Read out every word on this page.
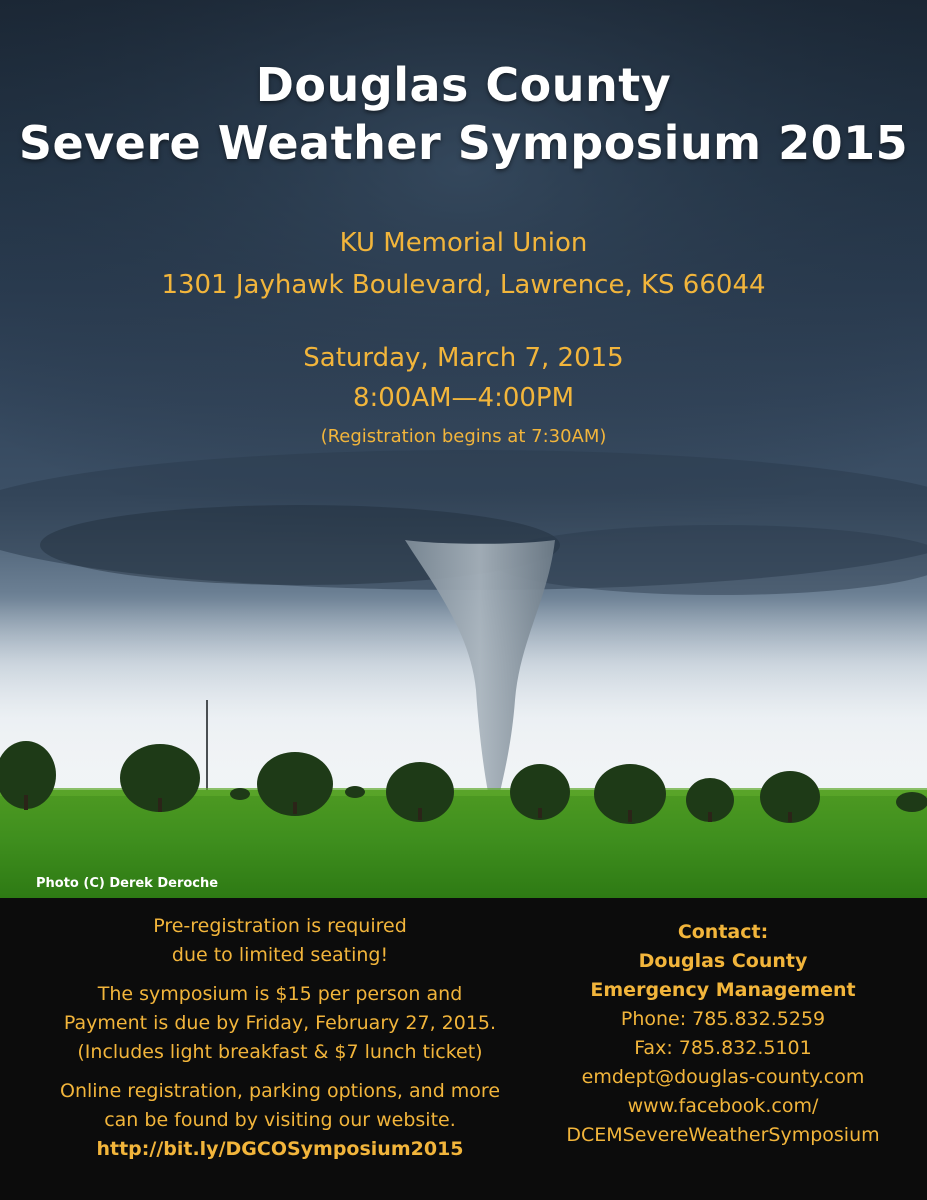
Douglas County
Severe Weather Symposium 2015
KU Memorial Union
1301 Jayhawk Boulevard, Lawrence, KS 66044
Saturday, March 7, 2015
8:00AM—4:00PM
(Registration begins at 7:30AM)
Photo (C) Derek Deroche
Pre-registration is required
due to limited seating!
The symposium is $15 per person and
Payment is due by Friday, February 27, 2015.
(Includes light breakfast & $7 lunch ticket)
Online registration, parking options, and more
can be found by visiting our website.
http://bit.ly/DGCOSymposium2015
Contact:
Douglas County
Emergency Management
Phone: 785.832.5259
Fax: 785.832.5101
emdept@douglas-county.com
www.facebook.com/
DCEMSevereWeatherSymposium
